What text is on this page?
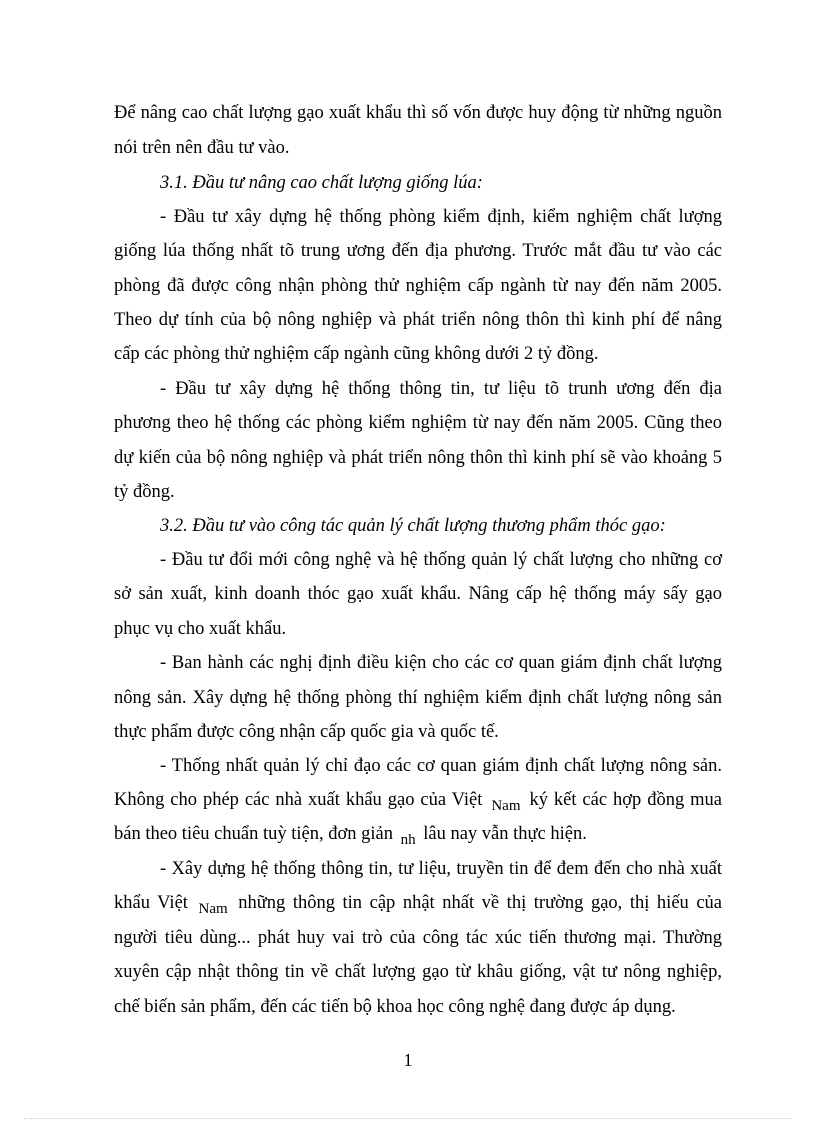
Để nâng cao chất lượng gạo xuất khẩu thì số vốn được huy động từ những nguồn
nói trên nên đầu tư vào.
3.1. Đầu tư nâng cao chất lượng giống lúa:
- Đầu tư xây dựng hệ thống phòng kiểm định, kiểm nghiệm chất lượng
giống lúa thống nhất tõ trung ương đến địa phương. Trước mắt đầu tư vào các
phòng đã được công nhận phòng thử nghiệm cấp ngành từ nay đến năm 2005.
Theo dự tính của bộ nông nghiệp và phát triển nông thôn thì kinh phí để nâng
cấp các phòng thử nghiệm cấp ngành cũng không dưới 2 tỷ đồng.
- Đầu tư xây dựng hệ thống thông tin, tư liệu tõ trunh ương đến địa
phương theo hệ thống các phòng kiểm nghiệm từ nay đến năm 2005. Cũng theo
dự kiến của bộ nông nghiệp và phát triển nông thôn thì kinh phí sẽ vào khoảng 5
tỷ đồng.
3.2. Đầu tư vào công tác quản lý chất lượng thương phẩm thóc gạo:
- Đầu tư đổi mới công nghệ và hệ thống quản lý chất lượng cho những cơ
sở sản xuất, kinh doanh thóc gạo xuất khẩu. Nâng cấp hệ thống máy sấy gạo
phục vụ cho xuất khẩu.
- Ban hành các nghị định điều kiện cho các cơ quan giám định chất lượng
nông sản. Xây dựng hệ thống phòng thí nghiệm kiểm định chất lượng nông sản
thực phẩm được công nhận cấp quốc gia và quốc tế.
- Thống nhất quản lý chỉ đạo các cơ quan giám định chất lượng nông sản.
Không cho phép các nhà xuất khẩu gạo của Việt $_{Nam}$ ký kết các hợp đồng mua
bán theo tiêu chuẩn tuỳ tiện, đơn giản $_{nh}$ lâu nay vẫn thực hiện.
- Xây dựng hệ thống thông tin, tư liệu, truyền tin để đem đến cho nhà xuất
khẩu Việt $_{Nam}$ những thông tin cập nhật nhất về thị trường gạo, thị hiếu của
người tiêu dùng... phát huy vai trò của công tác xúc tiến thương mại. Thường
xuyên cập nhật thông tin về chất lượng gạo từ khâu giống, vật tư nông nghiệp,
chế biến sản phẩm, đến các tiến bộ khoa học công nghệ đang được áp dụng.
1
